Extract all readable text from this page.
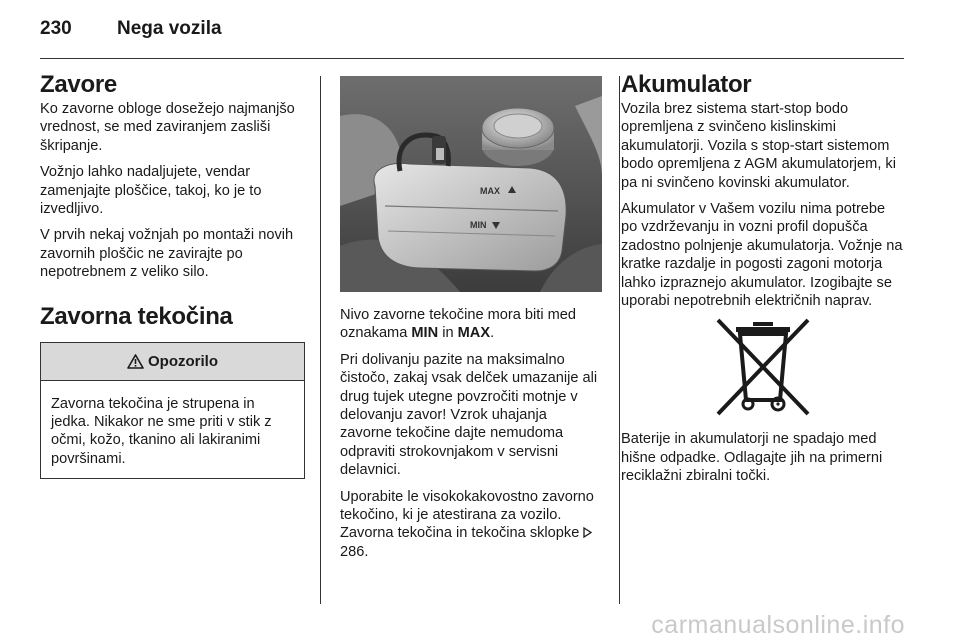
230 Nega vozila
Zavore

Ko zavorne obloge dosežejo najmanjšo vrednost, se med zaviranjem zasliši škripanje.

Vožnjo lahko nadaljujete, vendar zamenjajte ploščice, takoj, ko je to izvedljivo.

V prvih nekaj vožnjah po montaži novih zavornih ploščic ne zavirajte po nepotrebnem z veliko silo.

Zavorna tekočina
Opozorilo

Zavorna tekočina je strupena in jedka. Nikakor ne sme priti v stik z očmi, kožo, tkanino ali lakiranimi površinami.

MAX
MIN

Nivo zavorne tekočine mora biti med oznakama MIN in MAX.

Pri dolivanju pazite na maksimalno čistočo, zakaj vsak delček umazanije ali drug tujek utegne povzročiti motnje v delovanju zavor! Vzrok uhajanja zavorne tekočine dajte nemudoma odpraviti strokovnjakom v servisni delavnici.

Uporabite le visokokakovostno zavorno tekočino, ki je atestirana za vozilo. Zavorna tekočina in tekočina sklopke 286.

Akumulator

Vozila brez sistema start-stop bodo opremljena z svinčeno kislinskimi akumulatorji. Vozila s stop-start sistemom bodo opremljena z AGM akumulatorjem, ki pa ni svinčeno kovinski akumulator.

Akumulator v Vašem vozilu nima potrebe po vzdrževanju in vozni profil dopušča zadostno polnjenje akumulatorja. Vožnje na kratke razdalje in pogosti zagoni motorja lahko izpraznejo akumulator. Izogibajte se uporabi nepotrebnih električnih naprav.

Baterije in akumulatorji ne spadajo med hišne odpadke. Odlagajte jih na primerni reciklažni zbiralni točki.

carmanualsonline.info
